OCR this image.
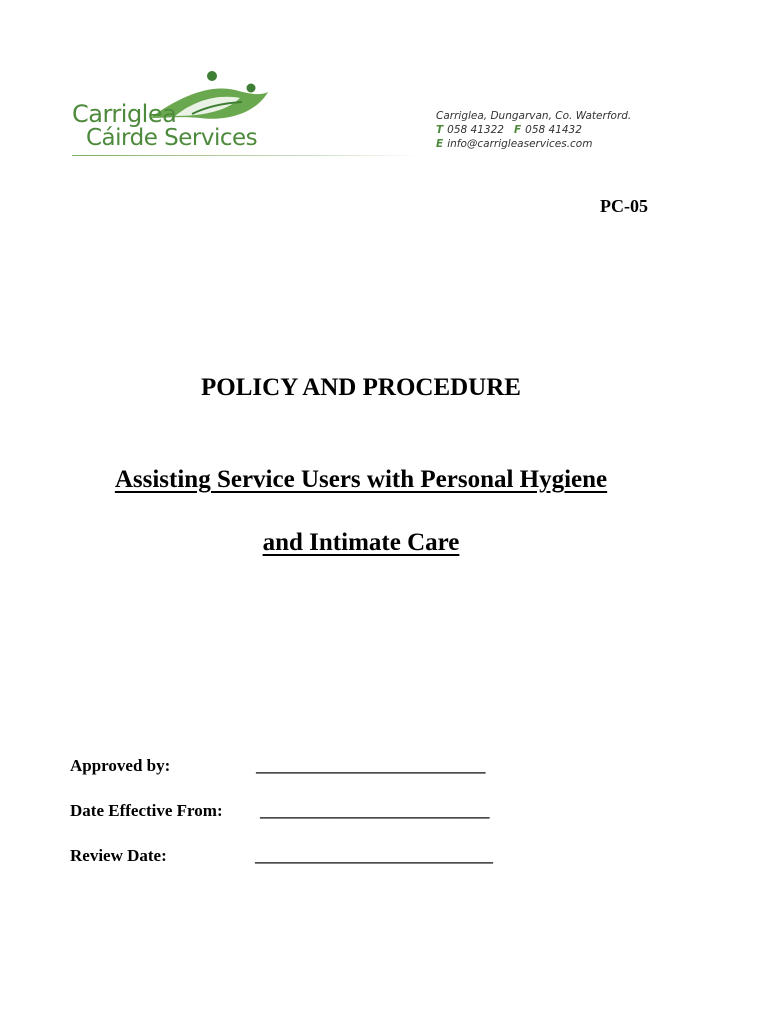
Carriglea
Cáirde Services
Carriglea, Dungarvan, Co. Waterford.
T 058 41322 F 058 41432
E info@carrigleaservices.com
PC-05
POLICY AND PROCEDURE
Assisting Service Users with Personal Hygiene
and Intimate Care
Approved by:	___________________________
Date Effective From: ___________________________
Review Date:	____________________________
